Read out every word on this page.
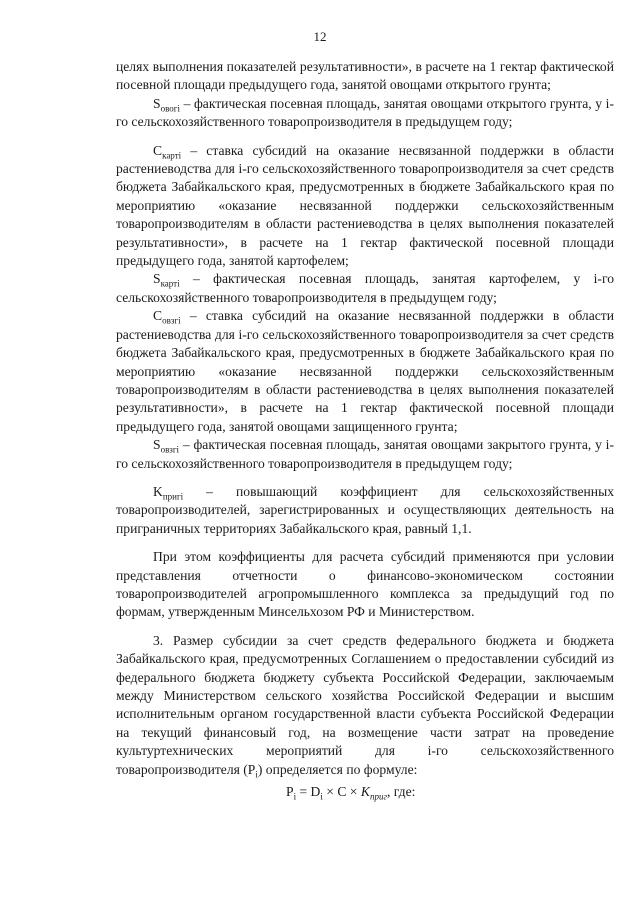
12

целях выполнения показателей результативности», в расчете на 1 гектар фактической посевной площади предыдущего года, занятой овощами открытого грунта;

$S_{овогi}$ – фактическая посевная площадь, занятая овощами открытого грунта, у i-го сельскохозяйственного товаропроизводителя в предыдущем году;

$С_{картi}$ – ставка субсидий на оказание несвязанной поддержки в области растениеводства для i-го сельскохозяйственного товаропроизводителя за счет средств бюджета Забайкальского края, предусмотренных в бюджете Забайкальского края по мероприятию «оказание несвязанной поддержки сельскохозяйственным товаропроизводителям в области растениеводства в целях выполнения показателей результативности», в расчете на 1 гектар фактической посевной площади предыдущего года, занятой картофелем;

$S_{картi}$ – фактическая посевная площадь, занятая картофелем, у i-го сельскохозяйственного товаропроизводителя в предыдущем году;

$С_{овзгi}$ – ставка субсидий на оказание несвязанной поддержки в области растениеводства для i-го сельскохозяйственного товаропроизводителя за счет средств бюджета Забайкальского края, предусмотренных в бюджете Забайкальского края по мероприятию «оказание несвязанной поддержки сельскохозяйственным товаропроизводителям в области растениеводства в целях выполнения показателей результативности», в расчете на 1 гектар фактической посевной площади предыдущего года, занятой овощами защищенного грунта;

$S_{овзгi}$ – фактическая посевная площадь, занятая овощами закрытого грунта, у i-го сельскохозяйственного товаропроизводителя в предыдущем году;

$K_{пригi}$ – повышающий коэффициент для сельскохозяйственных товаропроизводителей, зарегистрированных и осуществляющих деятельность на приграничных территориях Забайкальского края, равный 1,1.

При этом коэффициенты для расчета субсидий применяются при условии представления отчетности о финансово-экономическом состоянии товаропроизводителей агропромышленного комплекса за предыдущий год по формам, утвержденным Минсельхозом РФ и Министерством.

3. Размер субсидии за счет средств федерального бюджета и бюджета Забайкальского края, предусмотренных Соглашением о предоставлении субсидий из федерального бюджета бюджету субъекта Российской Федерации, заключаемым между Министерством сельского хозяйства Российской Федерации и высшим исполнительным органом государственной власти субъекта Российской Федерации на текущий финансовый год, на возмещение части затрат на проведение культуртехнических мероприятий для i-го сельскохозяйственного товаропроизводителя $(P_i)$ определяется по формуле:

$P_i = D_i \times C \times K_{приг}$, где:
